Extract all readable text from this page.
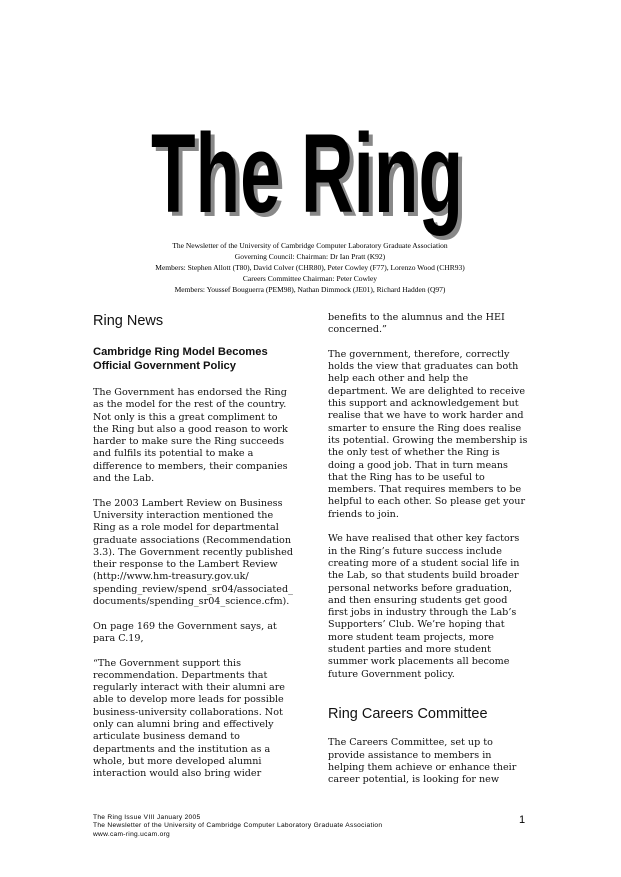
The Ring
The Ring
The Newsletter of the University of Cambridge Computer Laboratory Graduate Association
Governing Council: Chairman: Dr Ian Pratt (K92)
Members: Stephen Allott (T80), David Colver (CHR80), Peter Cowley (F77), Lorenzo Wood (CHR93)
Careers Committee Chairman: Peter Cowley
Members: Youssef Bouguerra (PEM98), Nathan Dimmock (JE01), Richard Hadden (Q97)
Ring News
Cambridge Ring Model Becomes
Official Government Policy

The Government has endorsed the Ring
as the model for the rest of the country.
Not only is this a great compliment to
the Ring but also a good reason to work
harder to make sure the Ring succeeds
and fulfils its potential to make a
difference to members, their companies
and the Lab.

The 2003 Lambert Review on Business
University interaction mentioned the
Ring as a role model for departmental
graduate associations (Recommendation
3.3). The Government recently published
their response to the Lambert Review
(http://www.hm-treasury.gov.uk/
spending_review/spend_sr04/associated_
documents/spending_sr04_science.cfm).

On page 169 the Government says, at
para C.19,

“The Government support this
recommendation. Departments that
regularly interact with their alumni are
able to develop more leads for possible
business-university collaborations. Not
only can alumni bring and effectively
articulate business demand to
departments and the institution as a
whole, but more developed alumni
interaction would also bring wider

benefits to the alumnus and the HEI
concerned.”

The government, therefore, correctly
holds the view that graduates can both
help each other and help the
department. We are delighted to receive
this support and acknowledgement but
realise that we have to work harder and
smarter to ensure the Ring does realise
its potential. Growing the membership is
the only test of whether the Ring is
doing a good job. That in turn means
that the Ring has to be useful to
members. That requires members to be
helpful to each other. So please get your
friends to join.

We have realised that other key factors
in the Ring’s future success include
creating more of a student social life in
the Lab, so that students build broader
personal networks before graduation,
and then ensuring students get good
first jobs in industry through the Lab’s
Supporters’ Club. We’re hoping that
more student team projects, more
student parties and more student
summer work placements all become
future Government policy.

Ring Careers Committee

The Careers Committee, set up to
provide assistance to members in
helping them achieve or enhance their
career potential, is looking for new

The Ring Issue VIII January 2005
The Newsletter of the University of Cambridge Computer Laboratory Graduate Association
www.cam-ring.ucam.org
1
